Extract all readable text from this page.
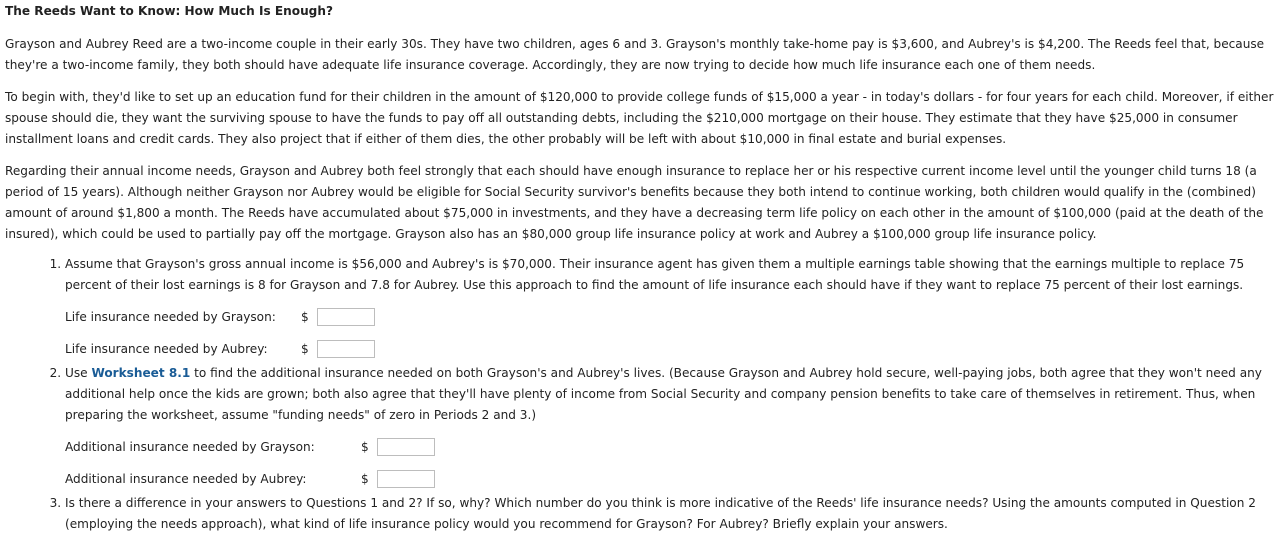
The Reeds Want to Know: How Much Is Enough?

Grayson and Aubrey Reed are a two-income couple in their early 30s. They have two children, ages 6 and 3. Grayson's monthly take-home pay is $3,600, and Aubrey's is $4,200. The Reeds feel that, because they're a two-income family, they both should have adequate life insurance coverage. Accordingly, they are now trying to decide how much life insurance each one of them needs.

To begin with, they'd like to set up an education fund for their children in the amount of $120,000 to provide college funds of $15,000 a year - in today's dollars - for four years for each child. Moreover, if either spouse should die, they want the surviving spouse to have the funds to pay off all outstanding debts, including the $210,000 mortgage on their house. They estimate that they have $25,000 in consumer installment loans and credit cards. They also project that if either of them dies, the other probably will be left with about $10,000 in final estate and burial expenses.

Regarding their annual income needs, Grayson and Aubrey both feel strongly that each should have enough insurance to replace her or his respective current income level until the younger child turns 18 (a period of 15 years). Although neither Grayson nor Aubrey would be eligible for Social Security survivor's benefits because they both intend to continue working, both children would qualify in the (combined) amount of around $1,800 a month. The Reeds have accumulated about $75,000 in investments, and they have a decreasing term life policy on each other in the amount of $100,000 (paid at the death of the insured), which could be used to partially pay off the mortgage. Grayson also has an $80,000 group life insurance policy at work and Aubrey a $100,000 group life insurance policy.

1. Assume that Grayson's gross annual income is $56,000 and Aubrey's is $70,000. Their insurance agent has given them a multiple earnings table showing that the earnings multiple to replace 75 percent of their lost earnings is 8 for Grayson and 7.8 for Aubrey. Use this approach to find the amount of life insurance each should have if they want to replace 75 percent of their lost earnings.

Life insurance needed by Grayson:	$
Life insurance needed by Aubrey:	$

2. Use Worksheet 8.1 to find the additional insurance needed on both Grayson's and Aubrey's lives. (Because Grayson and Aubrey hold secure, well-paying jobs, both agree that they won't need any additional help once the kids are grown; both also agree that they'll have plenty of income from Social Security and company pension benefits to take care of themselves in retirement. Thus, when preparing the worksheet, assume "funding needs" of zero in Periods 2 and 3.)

Additional insurance needed by Grayson:	$
Additional insurance needed by Aubrey:	$

3. Is there a difference in your answers to Questions 1 and 2? If so, why? Which number do you think is more indicative of the Reeds' life insurance needs? Using the amounts computed in Question 2 (employing the needs approach), what kind of life insurance policy would you recommend for Grayson? For Aubrey? Briefly explain your answers.
